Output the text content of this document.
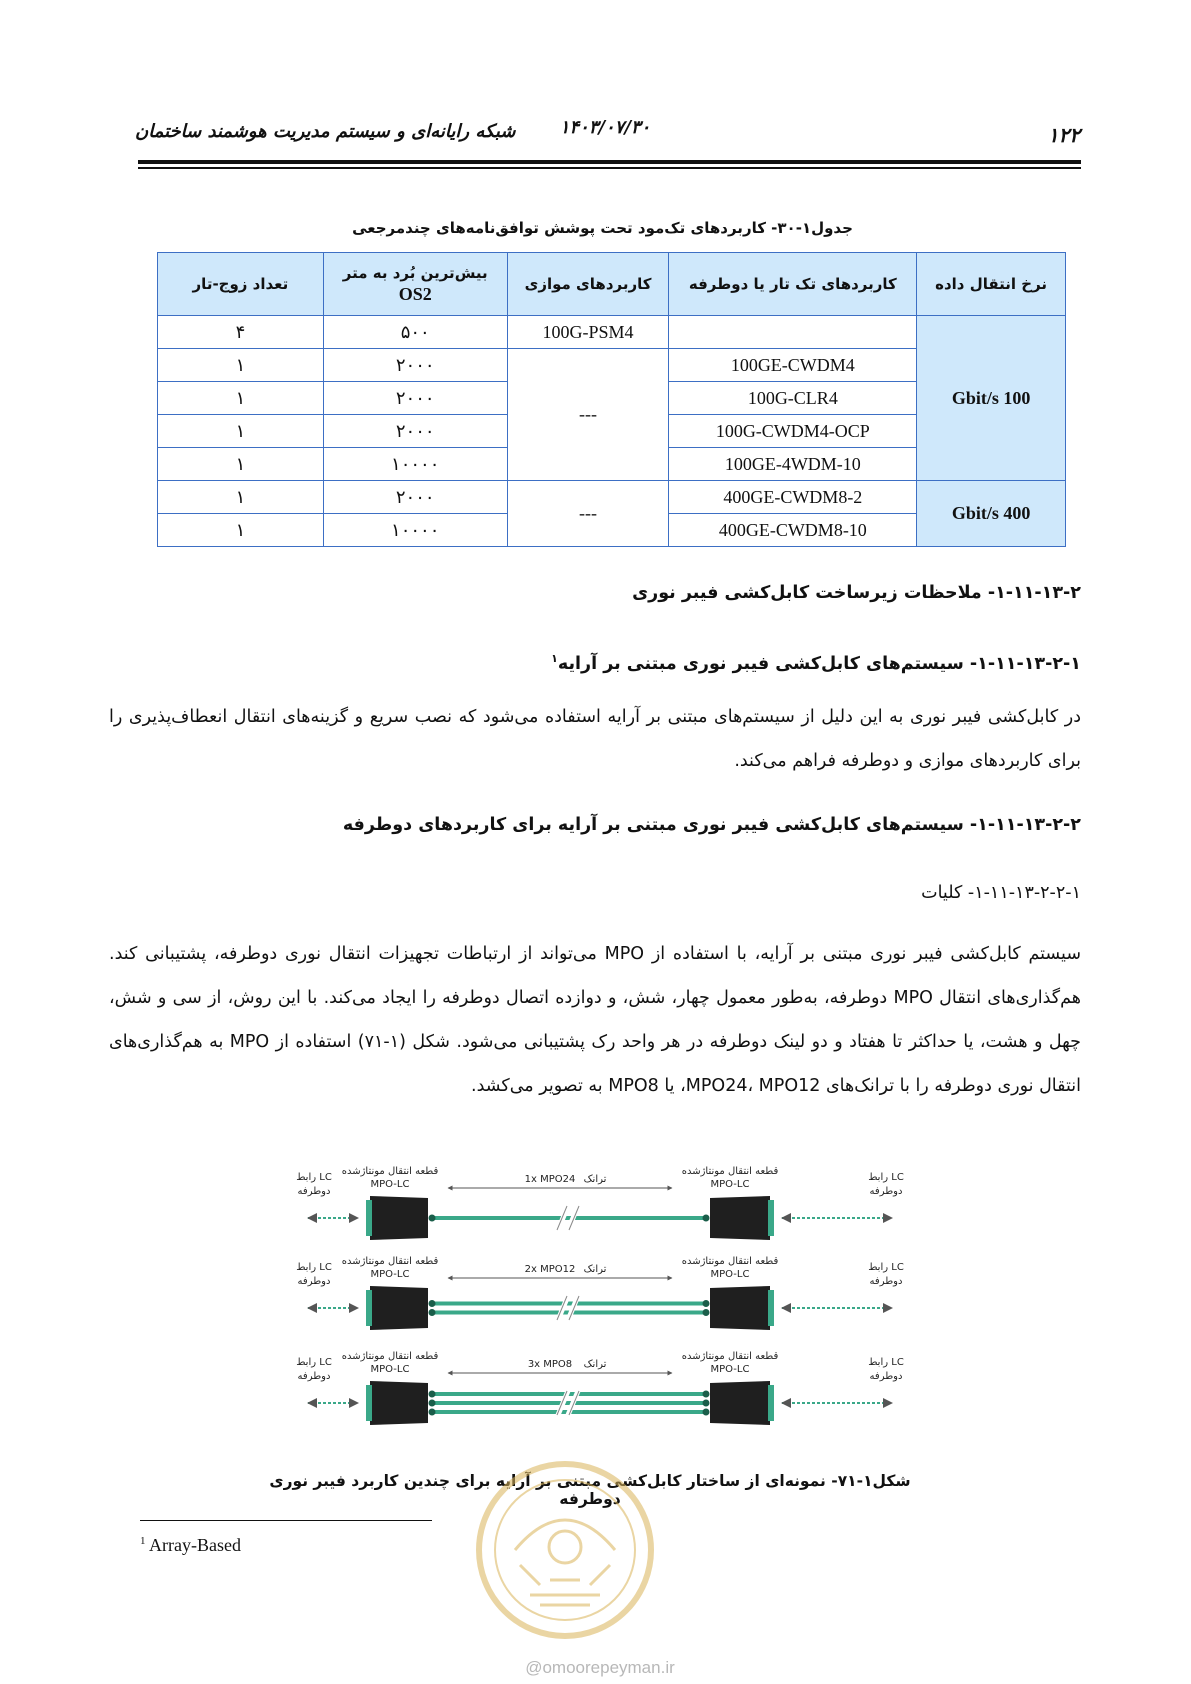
شبکه رایانه‌ای و سیستم مدیریت هوشمند ساختمان	۱۴۰۳/۰۷/۳۰	۱۲۲
جدول۱-۳۰- کاربردهای تک‌مود تحت پوشش توافق‌نامه‌های چندمرجعی
نرخ انتقال داده	کاربردهای تک تار یا دوطرفه	کاربردهای موازی	بیش‌ترین بُرد به متر
OS2	تعداد زوج-تار
100 Gbit/s		100G-PSM4	۵۰۰	۴
	100GE-CWDM4	---	۲۰۰۰	۱
	100G-CLR4		۲۰۰۰	۱
	100G-CWDM4-OCP		۲۰۰۰	۱
	100GE-4WDM-10		۱۰۰۰۰	۱
400 Gbit/s	400GE-CWDM8-2	---	۲۰۰۰	۱
	400GE-CWDM8-10		۱۰۰۰۰	۱
۱-۱۱-۱۳-۲- ملاحظات زیرساخت کابل‌کشی فیبر نوری
۱-۱۱-۱۳-۲-۱- سیستم‌های کابل‌کشی فیبر نوری مبتنی بر آرایه$^۱$
در کابل‌کشی فیبر نوری به این دلیل از سیستم‌های مبتنی بر آرایه استفاده می‌شود که نصب سریع و گزینه‌های انتقال انعطاف‌پذیری را برای کاربردهای موازی و دوطرفه فراهم می‌کند.
۱-۱۱-۱۳-۲-۲- سیستم‌های کابل‌کشی فیبر نوری مبتنی بر آرایه برای کاربردهای دوطرفه
۱-۱۱-۱۳-۲-۲-۱- کلیات
سیستم کابل‌کشی فیبر نوری مبتنی بر آرایه، با استفاده از MPO می‌تواند از ارتباطات تجهیزات انتقال نوری دوطرفه، پشتیبانی کند. هم‌گذاری‌های انتقال MPO دوطرفه، به‌طور معمول چهار، شش، و دوازده اتصال دوطرفه را ایجاد می‌کند. با این روش، از سی و شش، چهل و هشت، یا حداکثر تا هفتاد و دو لینک دوطرفه در هر واحد رک پشتیبانی می‌شود. شکل (۱-۷۱) استفاده از MPO به هم‌گذاری‌های انتقال نوری دوطرفه را با ترانک‌های MPO24، MPO12، یا MPO8 به تصویر می‌کشد.
رابط LC
دوطرفه
رابط LC
دوطرفه
قطعه انتقال مونتاژشده
MPO-LC
قطعه انتقال مونتاژشده
MPO-LC
1x MPO24 ترانک
رابط LC
دوطرفه
رابط LC
دوطرفه
قطعه انتقال مونتاژشده
MPO-LC
قطعه انتقال مونتاژشده
MPO-LC
2x MPO12 ترانک
رابط LC
دوطرفه
رابط LC
دوطرفه
قطعه انتقال مونتاژشده
MPO-LC
قطعه انتقال مونتاژشده
MPO-LC
3x MPO8 ترانک
شکل۱-۷۱- نمونه‌ای از ساختار کابل‌کشی مبتنی بر آرایه برای چندین کاربرد فیبر نوری دوطرفه
$^1$ Array-Based
@omoorepeyman.ir
